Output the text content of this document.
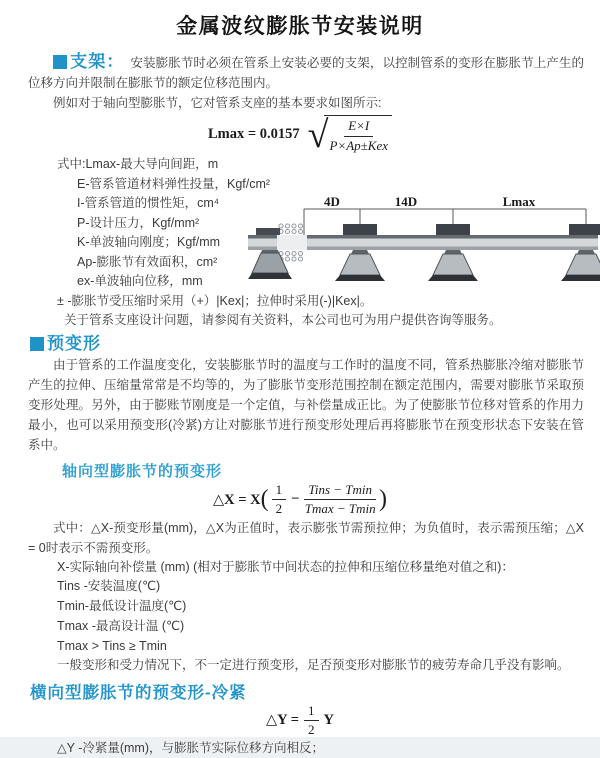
金属波纹膨胀节安装说明

支架： 安装膨胀节时必须在管系上安装必要的支架，以控制管系的变形在膨胀节上产生的位移方向并限制在膨胀节的额定位移范围内。

例如对于轴向型膨胀节，它对管系支座的基本要求如图所示:

Lmax = 0.0157 √ $\frac{E\times I}{\text{P×Ap±Kex}}$
式中:Lmax-最大导向间距，m
E-管系管道材料弹性投量，Kgf/cm²
I-管系管道的惯性矩，cm⁴
P-设计压力，Kgf/mm²
K-单波轴向刚度；Kgf/mm
Ap-膨胀节有效面积，cm²
ex-单波轴向位移，mm
± -膨胀节受压缩时采用（+）|Kex|；拉伸时采用(-)|Kex|。
关于管系支座设计问题，请参阅有关资料，本公司也可为用户提供咨询等服务。
4D	14D	Lmax

预变形

由于管系的工作温度变化，安装膨胀节时的温度与工作时的温度不同，管系热膨胀冷缩对膨胀节产生的拉伸、压缩量常常是不均等的，为了膨胀节变形范围控制在额定范围内，需要对膨胀节采取预变形处理。另外，由于膨账节刚度是一个定值，与补偿量成正比。为了使膨胀节位移对管系的作用力最小，也可以采用预变形(冷紧)方让对膨胀节进行预变形处理后再将膨胀节在预变形状态下安装在管系中。

轴向型膨胀节的预变形
△X = X ( $\frac{1}{2} - \frac{\text{Tins − Tmin}}{Tmax - Tmin}$ )

式中：△X-预变形量(mm)，△X为正值时，表示膨张节需预拉伸；为负值时，表示需预压缩；△X = 0时表示不需预变形。

X-实际轴向补偿量 (mm) (相对于膨胀节中间状态的拉伸和压缩位移量绝对值之和)：
Tins -安装温度(℃)
Tmin-最低设计温度(℃)
Tmax -最高设计温 (℃)
Tmax > Tins ≥ Tmin
一般变形和受力情况下，不一定进行预变形，足否预变形对膨胀节的疲劳寿命几乎没有影响。
横向型膨胀节的预变形-冷紧
△Y = $\frac{1}{2}$ Y

△Y -冷紧量(mm)，与膨胀节实际位移方向相反；
